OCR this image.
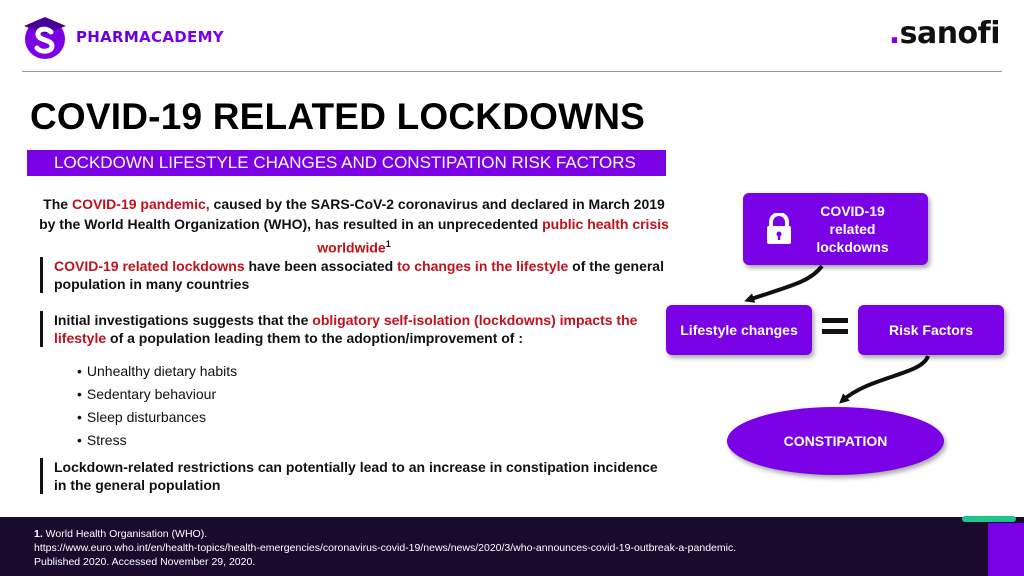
PHARMACADEMY	.sanofi
COVID-19 RELATED LOCKDOWNS
LOCKDOWN LIFESTYLE CHANGES AND CONSTIPATION RISK FACTORS

The COVID-19 pandemic, caused by the SARS-CoV-2 coronavirus and declared in March 2019 by the World Health Organization (WHO), has resulted in an unprecedented public health crisis worldwide$^1$

COVID-19 related lockdowns have been associated to changes in the lifestyle of the general population in many countries

Initial investigations suggests that the obligatory self-isolation (lockdowns) impacts the lifestyle of a population leading them to the adoption/improvement of :

• Unhealthy dietary habits
• Sedentary behaviour
• Sleep disturbances
• Stress

Lockdown-related restrictions can potentially lead to an increase in constipation incidence in the general population

COVID-19
related
lockdowns
Lifestyle changes	Risk Factors
CONSTIPATION
1. World Health Organisation (WHO).
https://www.euro.who.int/en/health-topics/health-emergencies/coronavirus-covid-19/news/news/2020/3/who-announces-covid-19-outbreak-a-pandemic.
Published 2020. Accessed November 29, 2020.
